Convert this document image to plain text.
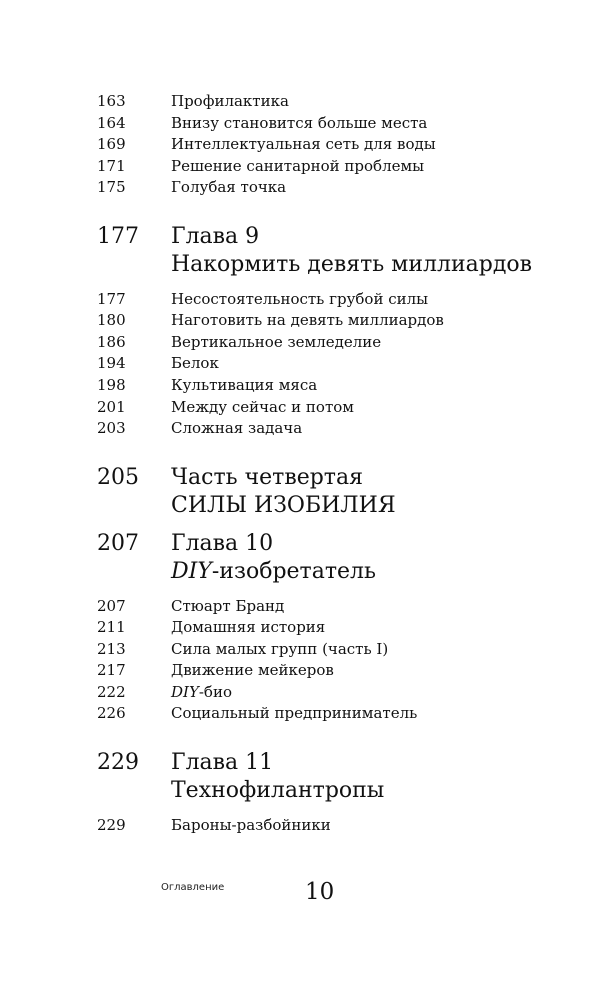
163	Профилактика
164	Внизу становится больше места
169	Интеллектуальная сеть для воды
171	Решение санитарной проблемы
175	Голубая точка
177 Глава 9
Накормить девять миллиардов
177	Несостоятельность грубой силы
180	Наготовить на девять миллиардов
186	Вертикальное земледелие
194	Белок
198	Культивация мяса
201	Между сейчас и потом
203	Сложная задача
205 Часть четвертая
СИЛЫ ИЗОБИЛИЯ
207 Глава 10
DIY-изобретатель
207	Стюарт Бранд
211	Домашняя история
213	Сила малых групп (часть I)
217	Движение мейкеров
222	DIY-био
226	Социальный предприниматель
229 Глава 11
Технофилантропы
229	Бароны-разбойники
Оглавление	10
